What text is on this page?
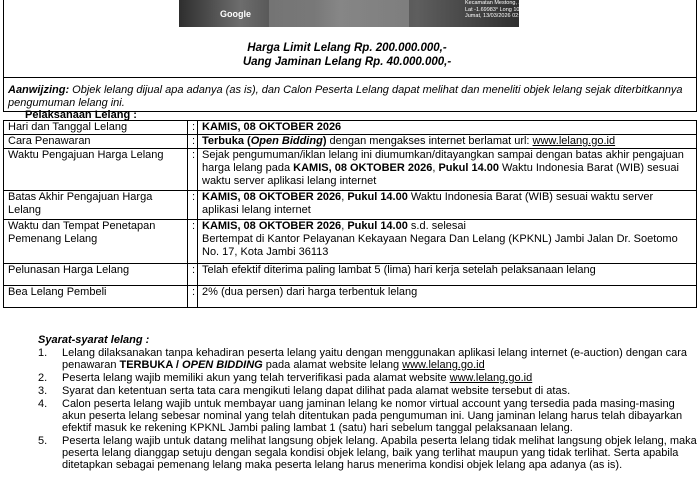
Google
Kecamatan Mestong, Jambi 36364, Indonesia
Lat -1.69983° Long 103.445162°
Jumat, 13/03/2026 02:45 PM GMT +07:00
Harga Limit Lelang Rp. 200.000.000,-
Uang Jaminan Lelang Rp. 40.000.000,-
Aanwijzing: Objek lelang dijual apa adanya (as is), dan Calon Peserta Lelang dapat melihat dan meneliti objek lelang sejak diterbitkannya pengumuman lelang ini.
Pelaksanaan Lelang :
Hari dan Tanggal Lelang	:	KAMIS, 08 OKTOBER 2026
Cara Penawaran	:	Terbuka (Open Bidding) dengan mengakses internet berlamat url: www.lelang.go.id
Waktu Pengajuan Harga Lelang	:	Sejak pengumuman/iklan lelang ini diumumkan/ditayangkan sampai dengan batas akhir pengajuan harga lelang pada KAMIS, 08 OKTOBER 2026, Pukul 14.00 Waktu Indonesia Barat (WIB) sesuai waktu server aplikasi lelang internet
Batas Akhir Pengajuan Harga Lelang	:	KAMIS, 08 OKTOBER 2026, Pukul 14.00 Waktu Indonesia Barat (WIB) sesuai waktu server aplikasi lelang internet
Waktu dan Tempat Penetapan Pemenang Lelang	:	KAMIS, 08 OKTOBER 2026, Pukul 14.00 s.d. selesai
Bertempat di Kantor Pelayanan Kekayaan Negara Dan Lelang (KPKNL) Jambi Jalan Dr. Soetomo No. 17, Kota Jambi 36113
Pelunasan Harga Lelang	:	Telah efektif diterima paling lambat 5 (lima) hari kerja setelah pelaksanaan lelang
Bea Lelang Pembeli	:	2% (dua persen) dari harga terbentuk lelang
Syarat-syarat lelang :
1. Lelang dilaksanakan tanpa kehadiran peserta lelang yaitu dengan menggunakan aplikasi lelang internet (e-auction) dengan cara penawaran TERBUKA / OPEN BIDDING pada alamat website lelang www.lelang.go.id
2. Peserta lelang wajib memiliki akun yang telah terverifikasi pada alamat website www.lelang.go.id
3. Syarat dan ketentuan serta tata cara mengikuti lelang dapat dilihat pada alamat website tersebut di atas.
4. Calon peserta lelang wajib untuk membayar uang jaminan lelang ke nomor virtual account yang tersedia pada masing-masing akun peserta lelang sebesar nominal yang telah ditentukan pada pengumuman ini. Uang jaminan lelang harus telah dibayarkan efektif masuk ke rekening KPKNL Jambi paling lambat 1 (satu) hari sebelum tanggal pelaksanaan lelang.
5. Peserta lelang wajib untuk datang melihat langsung objek lelang. Apabila peserta lelang tidak melihat langsung objek lelang, maka peserta lelang dianggap setuju dengan segala kondisi objek lelang, baik yang terlihat maupun yang tidak terlihat. Serta apabila ditetapkan sebagai pemenang lelang maka peserta lelang harus menerima kondisi objek lelang apa adanya (as is).
